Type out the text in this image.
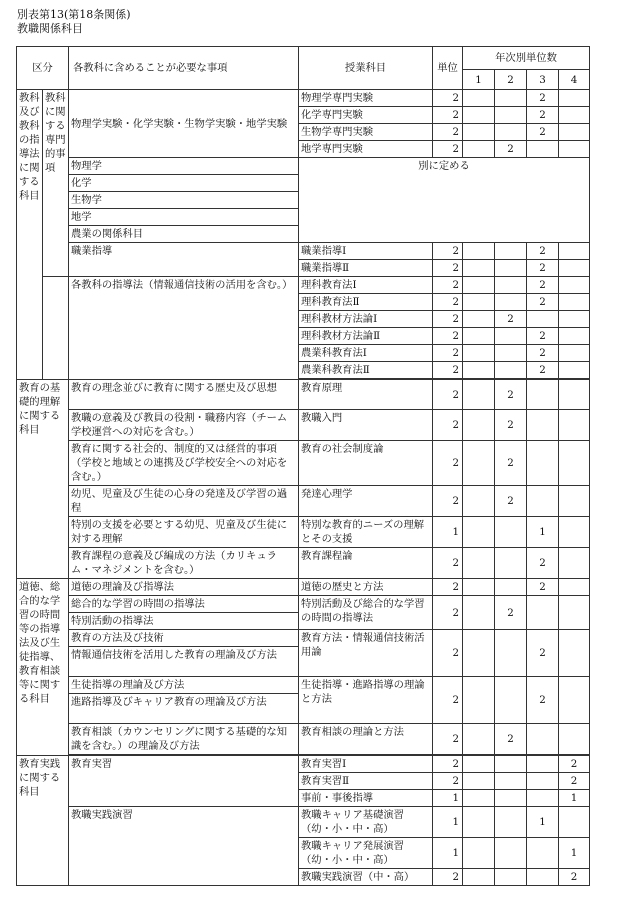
別表第13(第18条関係)
教職関係科目
区分		各教科に含めることが必要な事項	授業科目	単位	年次別単位数			
					1	2	3	4
教科及び教科の指導法に関する科目	教科に関する専門的事項	物理学実験・化学実験・生物学実験・地学実験	物理学専門実験	2			2	
			化学専門実験	2			2	
			生物学専門実験	2			2	
			地学専門実験	2		2		
		物理学	別に定める					
		化学						
		生物学						
		地学						
		農業の関係科目						
		職業指導	職業指導Ⅰ	2			2	
			職業指導Ⅱ	2			2	
		各教科の指導法（情報通信技術の活用を含む。）	理科教育法Ⅰ	2			2	
			理科教育法Ⅱ	2			2	
			理科教材方法論Ⅰ	2		2		
			理科教材方法論Ⅱ	2			2	
			農業科教育法Ⅰ	2			2	
			農業科教育法Ⅱ	2			2	

教育の基礎的理解に関する科目		教育の理念並びに教育に関する歴史及び思想	教育原理	2		2		
		教職の意義及び教員の役割・職務内容（チーム学校運営への対応を含む。）	教職入門	2		2		
		教育に関する社会的、制度的又は経営的事項（学校と地域との連携及び学校安全への対応を含む。）	教育の社会制度論	2		2		
		幼児、児童及び生徒の心身の発達及び学習の過程	発達心理学	2		2		
		特別の支援を必要とする幼児、児童及び生徒に対する理解	特別な教育的ニーズの理解とその支援	1			1	
		教育課程の意義及び編成の方法（カリキュラム・マネジメントを含む。）	教育課程論	2			2	
道徳、総合的な学習の時間等の指導法及び生徒指導、教育相談等に関する科目		道徳の理論及び指導法	道徳の歴史と方法	2			2	
		総合的な学習の時間の指導法	特別活動及び総合的な学習の時間の指導法	2		2		
		特別活動の指導法						
		教育の方法及び技術	教育方法・情報通信技術活用論	2			2	
		情報通信技術を活用した教育の理論及び方法						
		生徒指導の理論及び方法	生徒指導・進路指導の理論と方法	2			2	
		進路指導及びキャリア教育の理論及び方法						
		教育相談（カウンセリングに関する基礎的な知識を含む。）の理論及び方法	教育相談の理論と方法	2		2		

教育実践に関する科目		教育実習	教育実習Ⅰ	2				2
			教育実習Ⅱ	2				2
			事前・事後指導	1				1
		教職実践演習	教職キャリア基礎演習（幼・小・中・高）	1			1	
			教職キャリア発展演習（幼・小・中・高）	1				1
			教職実践演習（中・高）	2				2
